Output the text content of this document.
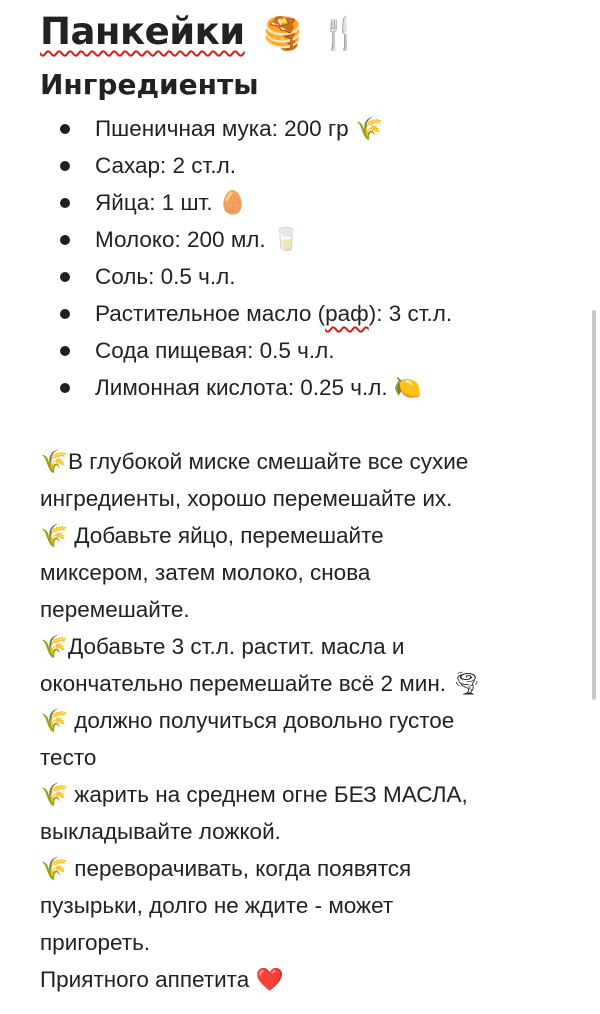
Панкейки 🥞 🍴
Ингредиенты
Пшеничная мука: 200 гр 🌾
Сахар: 2 ст.л.
Яйца: 1 шт. 🥚
Молоко: 200 мл. 🥛
Соль: 0.5 ч.л.
Растительное масло (раф): 3 ст.л.
Сода пищевая: 0.5 ч.л.
Лимонная кислота: 0.25 ч.л. 🍋
🌾В глубокой миске смешайте все сухие
ингредиенты, хорошо перемешайте их.
🌾 Добавьте яйцо, перемешайте
миксером, затем молоко, снова
перемешайте.
🌾Добавьте 3 ст.л. растит. масла и
окончательно перемешайте всё 2 мин. 🌪
🌾 должно получиться довольно густое
тесто
🌾 жарить на среднем огне БЕЗ МАСЛА,
выкладывайте ложкой.
🌾 переворачивать, когда появятся
пузырьки, долго не ждите - может
пригореть.
Приятного аппетита ❤️
